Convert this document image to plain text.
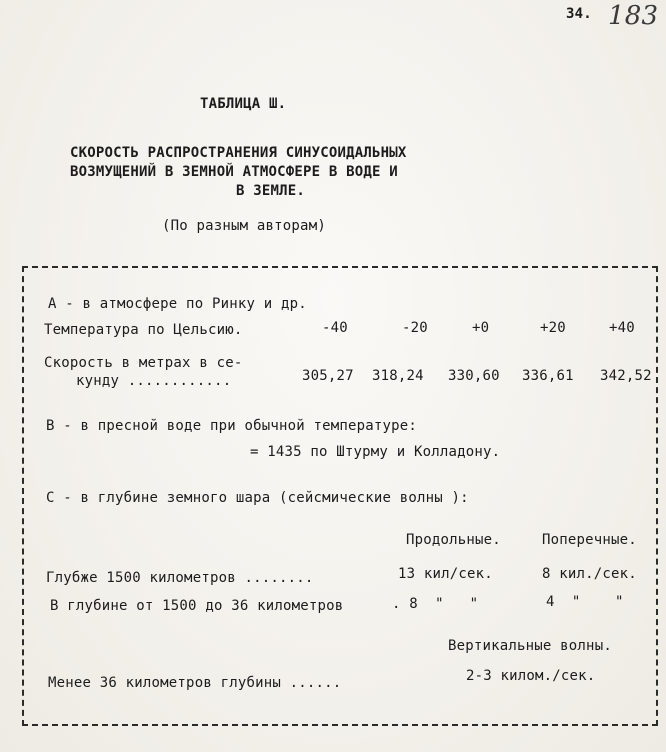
34. 183
ТАБЛИЦА Ш.
СКОРОСТЬ РАСПРОСТРАНЕНИЯ СИНУСОИДАЛЬНЫХ
ВОЗМУЩЕНИЙ В ЗЕМНОЙ АТМОСФЕРЕ В ВОДЕ И
В ЗЕМЛЕ.
(По разным авторам)
А - в атмосфере по Ринку и др.
Температура по Цельсию.	-40	-20	+0	+20	+40
Скорость в метрах в се-
кунду ............	305,27 318,24 330,60 336,61 342,52
В - в пресной воде при обычной температуре:
= 1435 по Штурму и Колладону.
С - в глубине земного шара (сейсмические волны ):
Продольные.	Поперечные.
Глубже 1500 километров ........	13 кил/сек.	8 кил./сек.
В глубине от 1500 до 36 километров	. 8  "   "	4  "    "
Вертикальные волны.
Менее 36 километров глубины ......	2-3 килом./сек.
